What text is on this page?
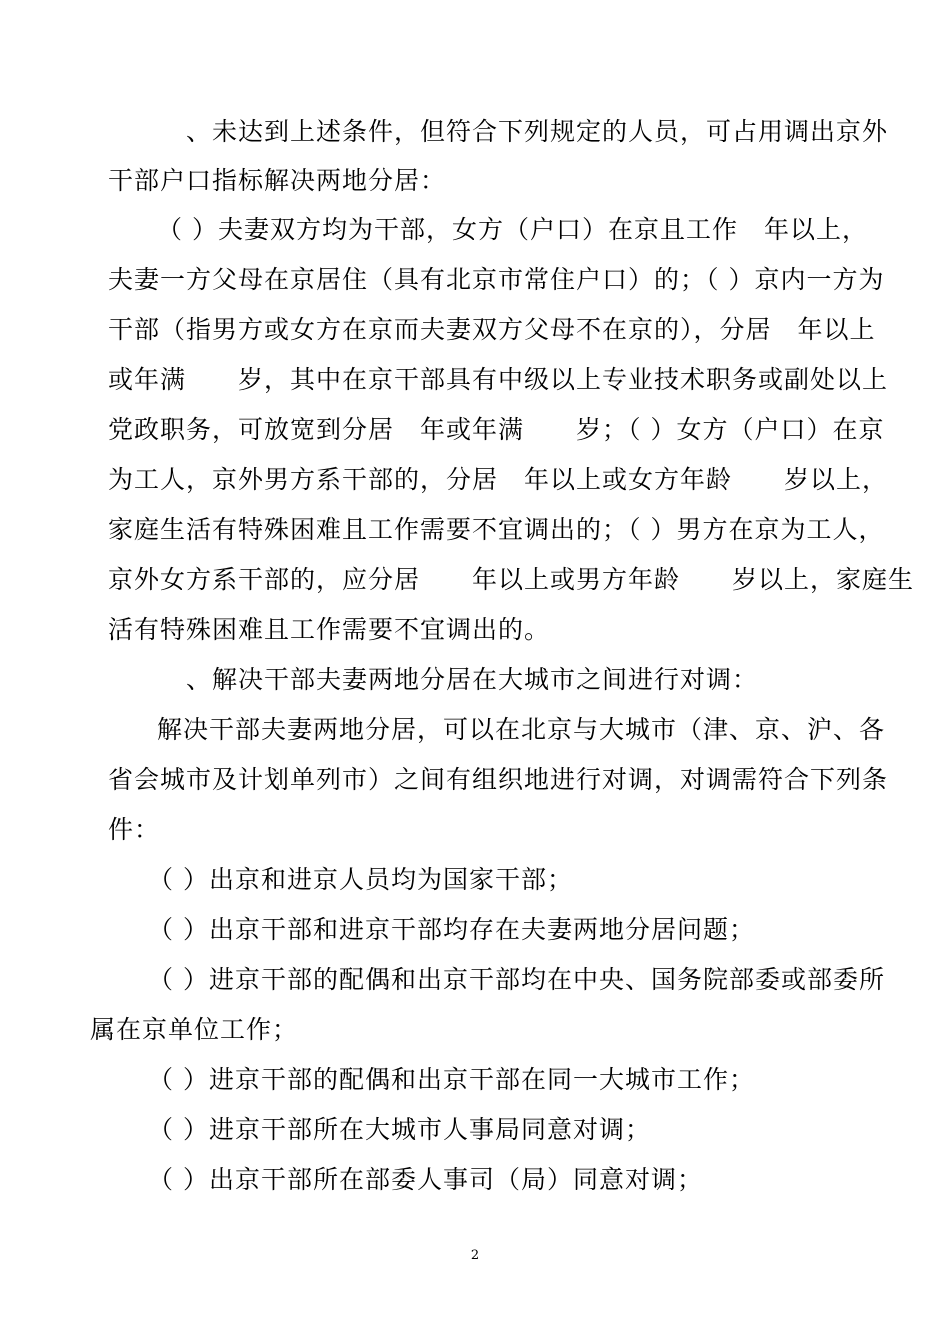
、未达到上述条件，但符合下列规定的人员，可占用调出京外
干部户口指标解决两地分居：
（ ）夫妻双方均为干部，女方（户口）在京且工作　年以上，
夫妻一方父母在京居住（具有北京市常住户口）的；（ ）京内一方为
干部（指男方或女方在京而夫妻双方父母不在京的），分居　年以上
或年满　　岁，其中在京干部具有中级以上专业技术职务或副处以上
党政职务，可放宽到分居　年或年满　　岁；（ ）女方（户口）在京
为工人，京外男方系干部的，分居　年以上或女方年龄　　岁以上，
家庭生活有特殊困难且工作需要不宜调出的；（ ）男方在京为工人，
京外女方系干部的，应分居　　年以上或男方年龄　　岁以上，家庭生
活有特殊困难且工作需要不宜调出的。
、解决干部夫妻两地分居在大城市之间进行对调：
解决干部夫妻两地分居，可以在北京与大城市（津、京、沪、各
省会城市及计划单列市）之间有组织地进行对调，对调需符合下列条
件：
（ ）出京和进京人员均为国家干部；
（ ）出京干部和进京干部均存在夫妻两地分居问题；
（ ）进京干部的配偶和出京干部均在中央、国务院部委或部委所
属在京单位工作；
（ ）进京干部的配偶和出京干部在同一大城市工作；
（ ）进京干部所在大城市人事局同意对调；
（ ）出京干部所在部委人事司（局）同意对调；
2
